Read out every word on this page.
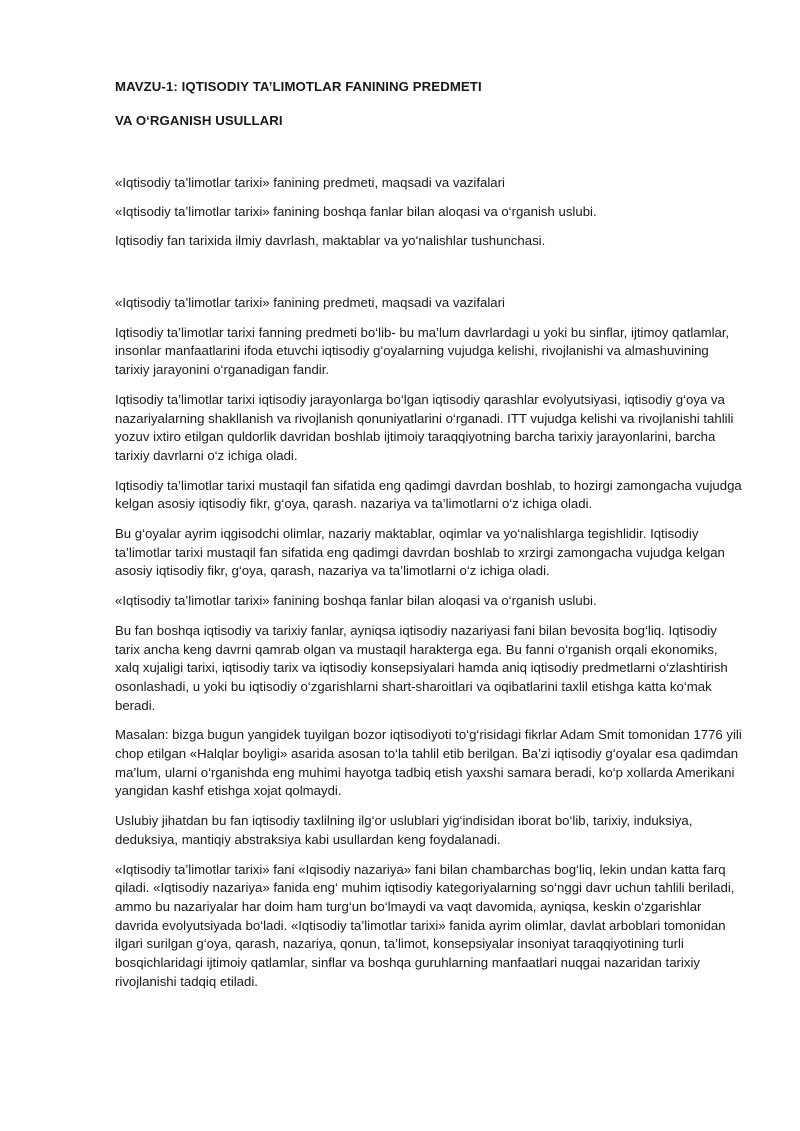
MAVZU-1: IQTISODIY TA’LIMOTLAR FANINING PREDMETI

VA O‘RGANISH USULLARI

«Iqtisodiy ta’limotlar tarixi» fanining predmeti, maqsadi va vazifalari

«Iqtisodiy ta’limotlar tarixi» fanining boshqa fanlar bilan aloqasi va o‘rganish uslubi.

Iqtisodiy fan tarixida ilmiy davrlash, maktablar va yo‘nalishlar tushunchasi.

«Iqtisodiy ta’limotlar tarixi» fanining predmeti, maqsadi va vazifalari

Iqtisodiy ta’limotlar tarixi fanning predmeti bo‘lib- bu ma’lum davrlardagi u yoki bu sinflar, ijtimoy qatlamlar, insonlar manfaatlarini ifoda etuvchi iqtisodiy g‘oyalarning vujudga kelishi, rivojlanishi va almashuvining tarixiy jarayonini o‘rganadigan fandir.

Iqtisodiy ta’limotlar tarixi iqtisodiy jarayonlarga bo‘lgan iqtisodiy qarashlar evolyutsiyasi, iqtisodiy g‘oya va nazariyalarning shakllanish va rivojlanish qonuniyatlarini o‘rganadi. ITT vujudga kelishi va rivojlanishi tahlili yozuv ixtiro etilgan quldorlik davridan boshlab ijtimoiy taraqqiyotning barcha tarixiy jarayonlarini, barcha tarixiy davrlarni o‘z ichiga oladi.

Iqtisodiy ta’limotlar tarixi mustaqil fan sifatida eng qadimgi davrdan boshlab, to hozirgi zamongacha vujudga kelgan asosiy iqtisodiy fikr, g‘oya, qarash. nazariya va ta’limotlarni o‘z ichiga oladi.

Bu g‘oyalar ayrim iqgisodchi olimlar, nazariy maktablar, oqimlar va yo‘nalishlarga tegishlidir. Iqtisodiy ta’limotlar tarixi mustaqil fan sifatida eng qadimgi davrdan boshlab to xrzirgi zamongacha vujudga kelgan asosiy iqtisodiy fikr, g‘oya, qarash, nazariya va ta’limotlarni o‘z ichiga oladi.

«Iqtisodiy ta’limotlar tarixi» fanining boshqa fanlar bilan aloqasi va o‘rganish uslubi.

Bu fan boshqa iqtisodiy va tarixiy fanlar, ayniqsa iqtisodiy nazariyasi fani bilan bevosita bog‘liq. Iqtisodiy tarix ancha keng davrni qamrab olgan va mustaqil harakterga ega. Bu fanni o‘rganish orqali ekonomiks, xalq xujaligi tarixi, iqtisodiy tarix va iqtisodiy konsepsiyalari hamda aniq iqtisodiy predmetlarni o‘zlashtirish osonlashadi, u yoki bu iqtisodiy o‘zgarishlarni shart-sharoitlari va oqibatlarini taxlil etishga katta ko‘mak beradi.

Masalan: bizga bugun yangidek tuyilgan bozor iqtisodiyoti to‘g‘risidagi fikrlar Adam Smit tomonidan 1776 yili chop etilgan «Halqlar boyligi» asarida asosan to‘la tahlil etib berilgan. Ba’zi iqtisodiy g‘oyalar esa qadimdan ma’lum, ularni o‘rganishda eng muhimi hayotga tadbiq etish yaxshi samara beradi, ko‘p xollarda Amerikani yangidan kashf etishga xojat qolmaydi.

Uslubiy jihatdan bu fan iqtisodiy taxlilning ilg‘or uslublari yig‘indisidan iborat bo‘lib, tarixiy, induksiya, deduksiya, mantiqiy abstraksiya kabi usullardan keng foydalanadi.

«Iqtisodiy ta’limotlar tarixi» fani «Iqisodiy nazariya» fani bilan chambarchas bog‘liq, lekin undan katta farq qiladi. «Iqtisodiy nazariya» fanida eng‘ muhim iqtisodiy kategoriyalarning so‘nggi davr uchun tahlili beriladi, ammo bu nazariyalar har doim ham turg‘un bo‘lmaydi va vaqt davomida, ayniqsa, keskin o‘zgarishlar davrida evolyutsiyada bo‘ladi. «Iqtisodiy ta’limotlar tarixi» fanida ayrim olimlar, davlat arboblari tomonidan ilgari surilgan g‘oya, qarash, nazariya, qonun, ta’limot, konsepsiyalar insoniyat taraqqiyotining turli bosqichlaridagi ijtimoiy qatlamlar, sinflar va boshqa guruhlarning manfaatlari nuqgai nazaridan tarixiy rivojlanishi tadqiq etiladi.
